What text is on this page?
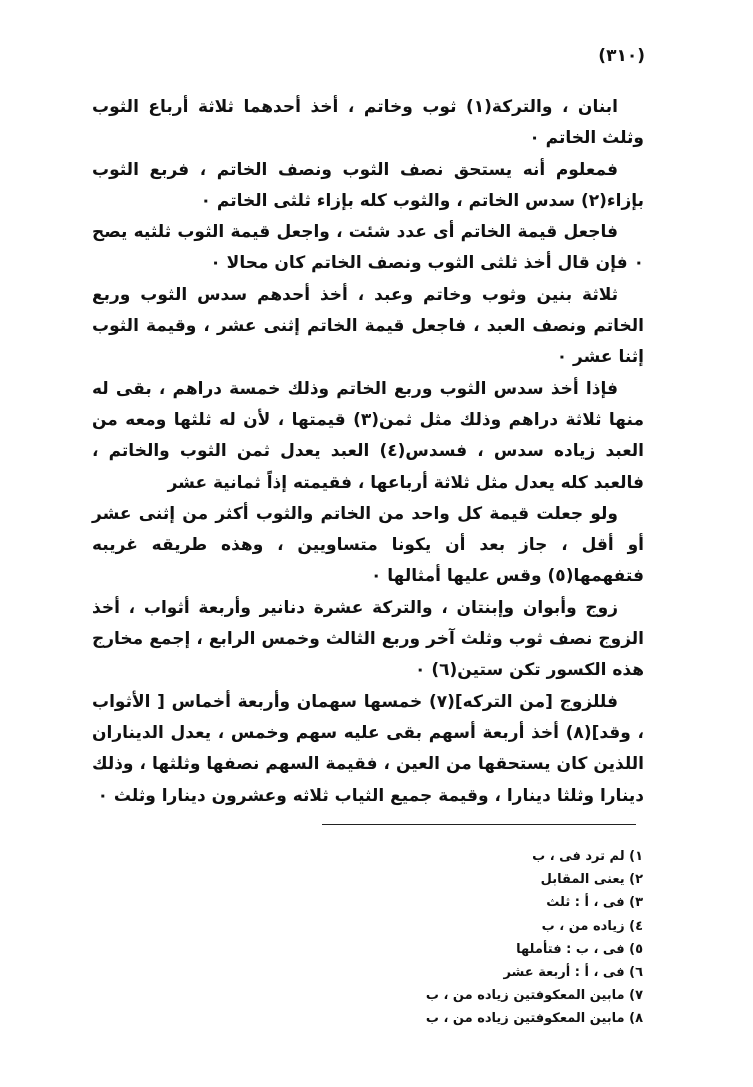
(٣١٠)

ابنان ، والتركة(١) ثوب وخاتم ، أخذ أحدهما ثلاثة أرباع الثوب وثلث الخاتم ٠

فمعلوم أنه يستحق نصف الثوب ونصف الخاتم ، فربع الثوب بإزاء(٢) سدس الخاتم ، والثوب كله بإزاء ثلثى الخاتم ٠

فاجعل قيمة الخاتم أى عدد شئت ، واجعل قيمة الثوب ثلثيه يصح ٠ فإن قال أخذ ثلثى الثوب ونصف الخاتم كان محالا ٠

ثلاثة بنين وثوب وخاتم وعبد ، أخذ أحدهم سدس الثوب وربع الخاتم ونصف العبد ، فاجعل قيمة الخاتم إثنى عشر ، وقيمة الثوب إثنا عشر ٠

فإذا أخذ سدس الثوب وربع الخاتم وذلك خمسة دراهم ، بقى له منها ثلاثة دراهم وذلك مثل ثمن(٣) قيمتها ، لأن له ثلثها ومعه من العبد زياده سدس ، فسدس(٤) العبد يعدل ثمن الثوب والخاتم ، فالعبد كله يعدل مثل ثلاثة أرباعها ، فقيمته إذاً ثمانية عشر

ولو جعلت قيمة كل واحد من الخاتم والثوب أكثر من إثنى عشر أو أقل ، جاز بعد أن يكونا متساويين ، وهذه طريقه غريبه فتفهمها(٥) وقس عليها أمثالها ٠

زوج وأبوان وإبنتان ، والتركة عشرة دنانير وأربعة أثواب ، أخذ الزوج نصف ثوب وثلث آخر وربع الثالث وخمس الرابع ، إجمع مخارج هذه الكسور تكن ستين(٦) ٠

فللزوج [من التركه](٧) خمسها سهمان وأربعة أخماس [ الأثواب ، وقد](٨) أخذ أربعة أسهم بقى عليه سهم وخمس ، يعدل الديناران اللذين كان يستحقها من العين ، فقيمة السهم نصفها وثلثها ، وذلك دينارا وثلثا دينارا ، وقيمة جميع الثياب ثلاثه وعشرون دينارا وثلث ٠

١) لم ترد فى ، ب
٢) يعنى المقابل
٣) فى ، أ : ثلث
٤) زياده من ، ب
٥) فى ، ب : فتأملها
٦) فى ، أ : أربعة عشر
٧) مابين المعكوفتين زياده من ، ب
٨) مابين المعكوفتين زياده من ، ب
